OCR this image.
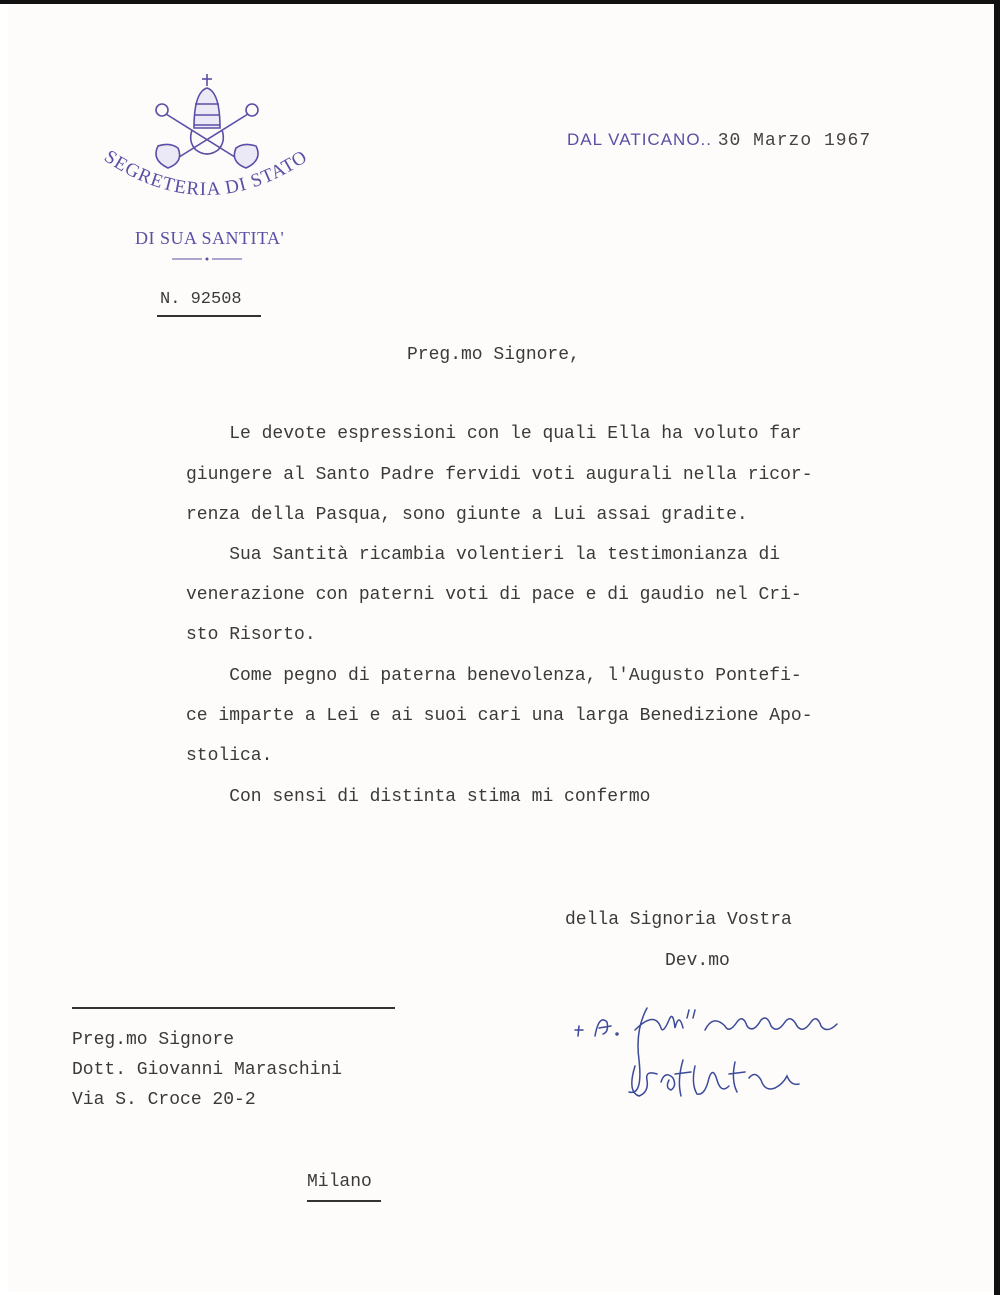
SEGRETERIA DI STATO
DI SUA SANTITA'
DAL VATICANO.. 30 Marzo 1967
N. 92508
Preg.mo Signore,
Le devote espressioni con le quali Ella ha voluto far
giungere al Santo Padre fervidi voti augurali nella ricor-
renza della Pasqua, sono giunte a Lui assai gradite.
Sua Santità ricambia volentieri la testimonianza di
venerazione con paterni voti di pace e di gaudio nel Cri-
sto Risorto.
Come pegno di paterna benevolenza, l'Augusto Pontefi-
ce imparte a Lei e ai suoi cari una larga Benedizione Apo-
stolica.
Con sensi di distinta stima mi confermo
della Signoria Vostra
Dev.mo
Preg.mo Signore
Dott. Giovanni Maraschini
Via S. Croce 20-2
Milano
